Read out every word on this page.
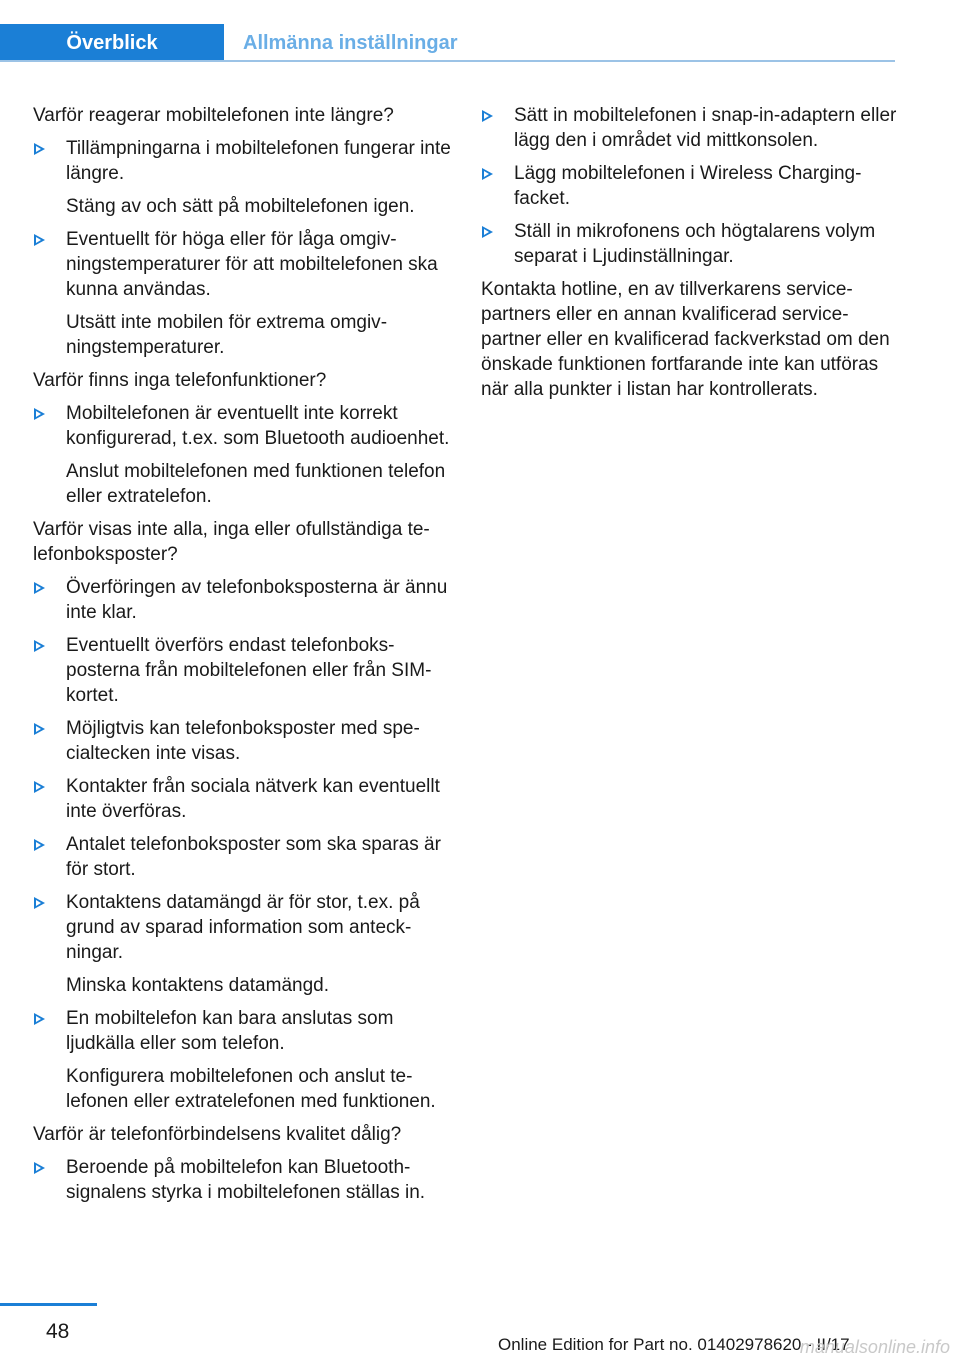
Överblick	Allmänna inställningar

Varför reagerar mobiltelefonen inte längre?

Tillämpningarna i mobiltelefonen fungerar inte längre.

Stäng av och sätt på mobiltelefonen igen.

Eventuellt för höga eller för låga omgivningstemperaturer för att mobiltelefonen ska kunna användas.

Utsätt inte mobilen för extrema omgivningstemperaturer.

Varför finns inga telefonfunktioner?

Mobiltelefonen är eventuellt inte korrekt konfigurerad, t.ex. som Bluetooth audioenhet.

Anslut mobiltelefonen med funktionen telefon eller extratelefon.

Varför visas inte alla, inga eller ofullständiga telefonboksposter?

Överföringen av telefonboksposterna är ännu inte klar.

Eventuellt överförs endast telefonboksposterna från mobiltelefonen eller från SIM-kortet.

Möjligtvis kan telefonboksposter med specialtecken inte visas.

Kontakter från sociala nätverk kan eventuellt inte överföras.

Antalet telefonboksposter som ska sparas är för stort.

Kontaktens datamängd är för stor, t.ex. på grund av sparad information som anteckningar.

Minska kontaktens datamängd.

En mobiltelefon kan bara anslutas som ljudkälla eller som telefon.

Konfigurera mobiltelefonen och anslut telefonen eller extratelefonen med funktionen.

Varför är telefonförbindelsens kvalitet dålig?

Beroende på mobiltelefon kan Bluetooth-signalens styrka i mobiltelefonen ställas in.

Sätt in mobiltelefonen i snap-in-adaptern eller lägg den i området vid mittkonsolen.

Lägg mobiltelefonen i Wireless Charging-facket.

Ställ in mikrofonens och högtalarens volym separat i Ljudinställningar.

Kontakta hotline, en av tillverkarens servicepartners eller en annan kvalificerad servicepartner eller en kvalificerad fackverkstad om den önskade funktionen fortfarande inte kan utföras när alla punkter i listan har kontrollerats.

48
Online Edition for Part no. 01402978620 - II/17
manualsonline.info
